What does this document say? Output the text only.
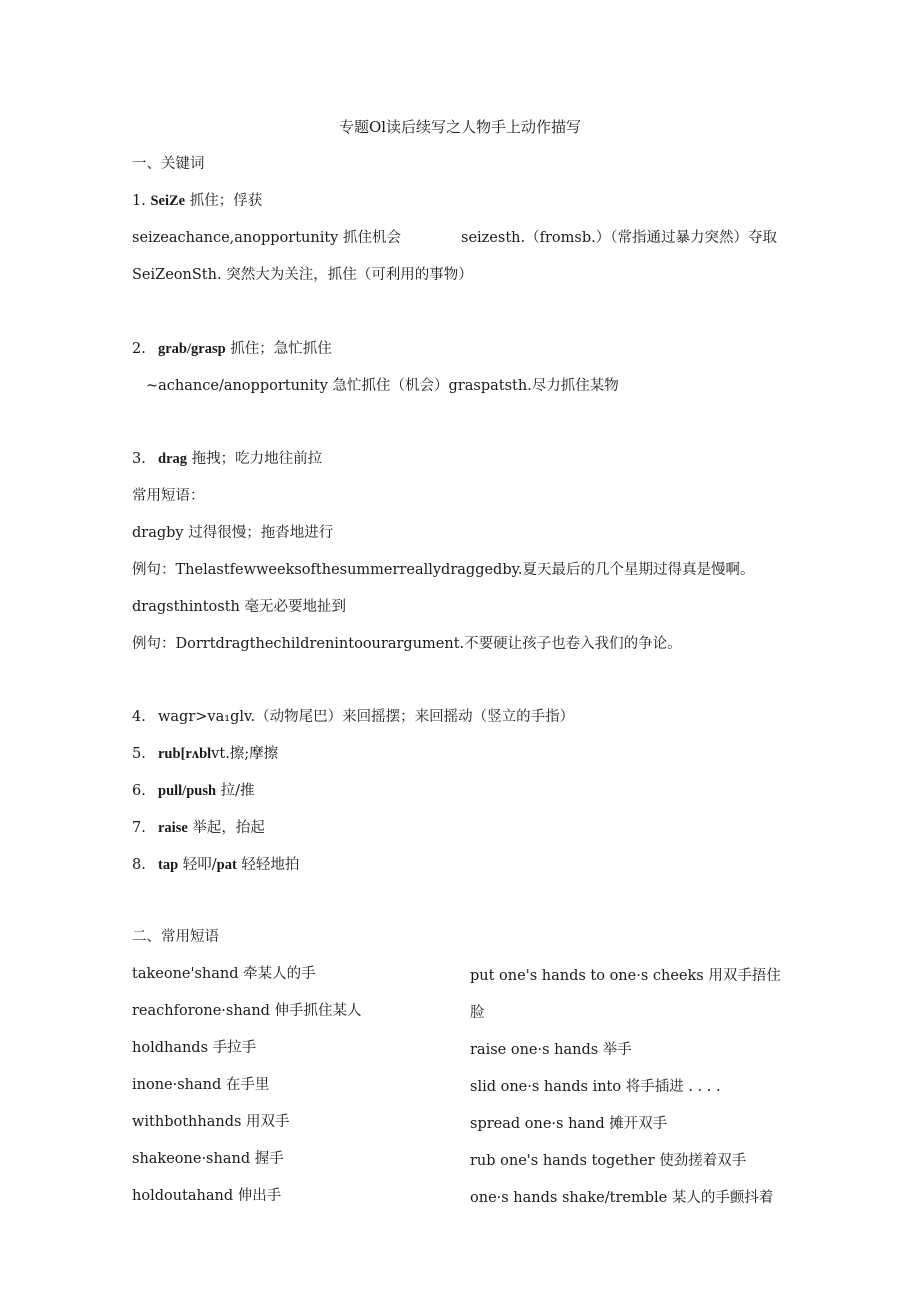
专题Ol读后续写之人物手上动作描写
一、关键词
1. SeiZe 抓住；俘获
seizeachance,anopportunity 抓住机会	seizesth.（fromsb.）（常指通过暴力突然）夺取
SeiZeonSth. 突然大为关注，抓住（可利用的事物）
2. grab/grasp 抓住；急忙抓住
~achance/anopportunity 急忙抓住（机会）graspatsth.尽力抓住某物
3. drag 拖拽；吃力地往前拉
常用短语：
dragby 过得很慢；拖沓地进行
例句：Thelastfewweeksofthesummerreallydraggedby.夏天最后的几个星期过得真是慢啊。
dragsthintosth 毫无必要地扯到
例句：Dorrtdragthechildrenintoourargument.不要硬让孩子也卷入我们的争论。
4. wagr>va₁glv.（动物尾巴）来回摇摆；来回摇动（竖立的手指）
5. rub[rʌblvt.擦;摩擦
6. pull/push 拉/推
7. raise 举起，抬起
8. tap 轻叩/pat 轻轻地拍
二、常用短语
takeone'shand 牵某人的手
reachforone·shand 伸手抓住某人
holdhands 手拉手
inone·shand 在手里
withbothhands 用双手
shakeone·shand 握手
holdoutahand 伸出手
put one's hands to one·s cheeks 用双手捂住
脸
raise one·s hands 举手
slid one·s hands into 将手插进 . . . .
spread one·s hand 摊开双手
rub one's hands together 使劲搓着双手
one·s hands shake/tremble 某人的手颤抖着
